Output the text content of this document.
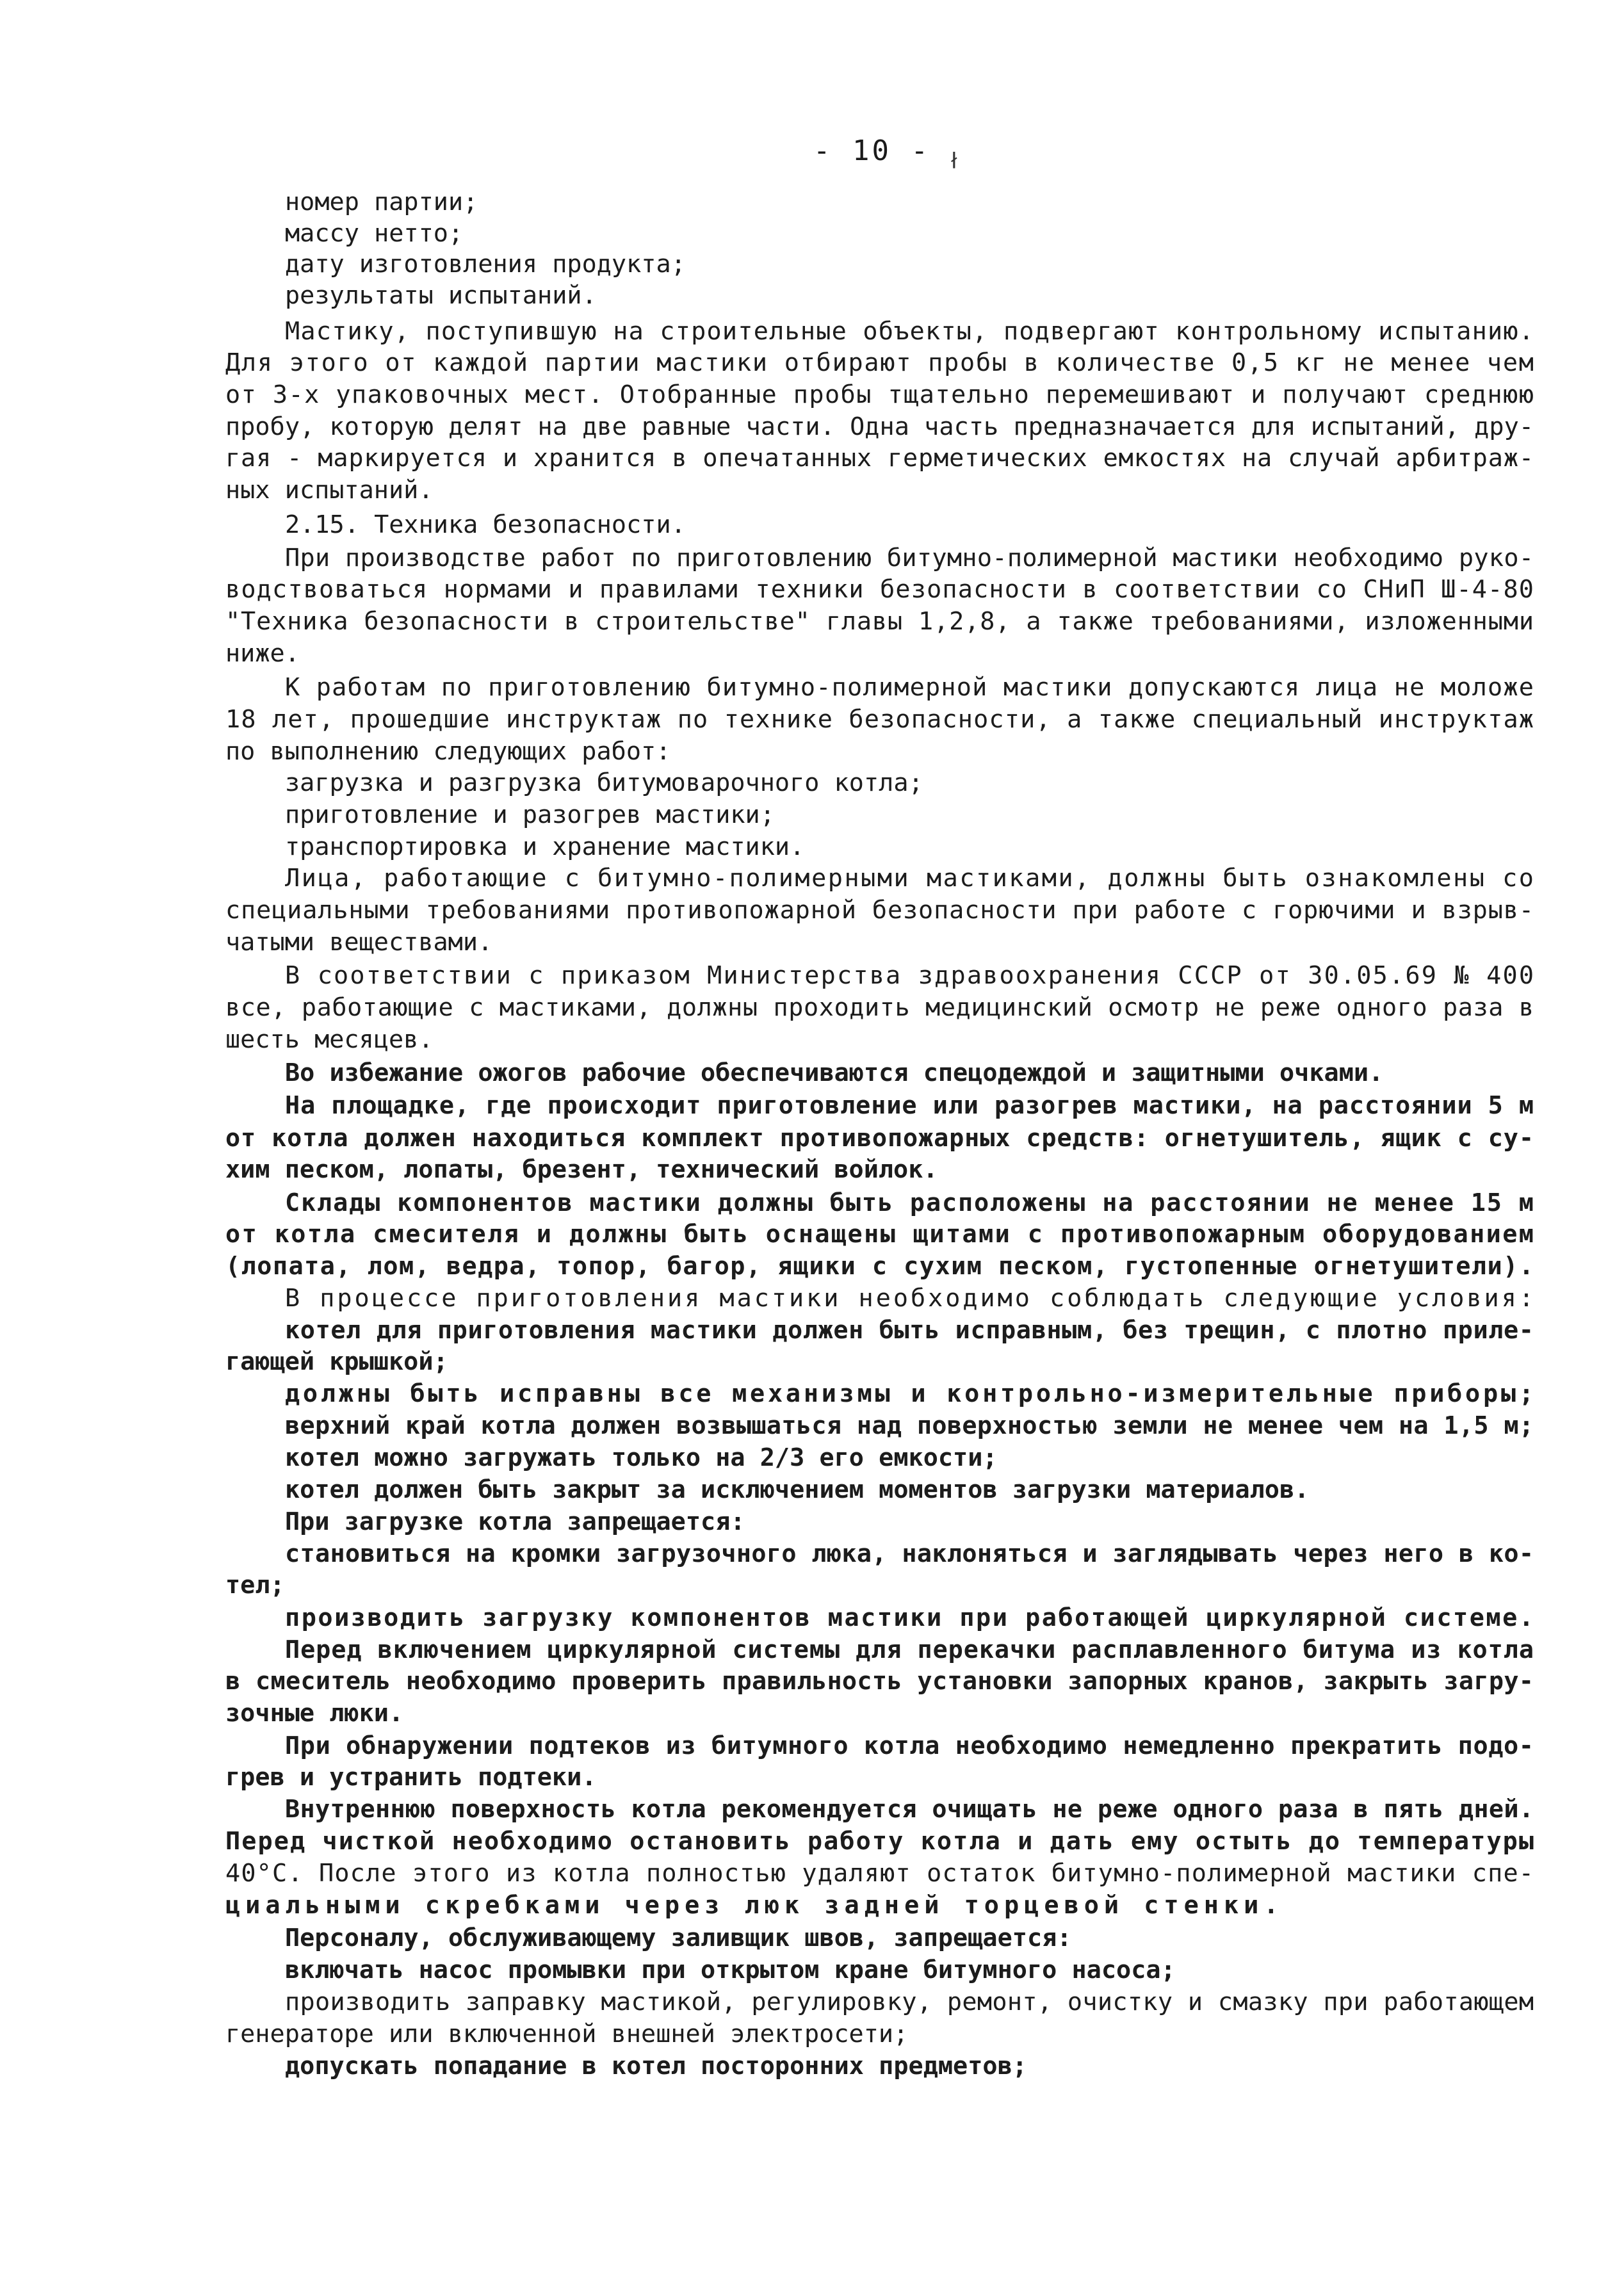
- 10 - ł

номер партии;

массу нетто;

дату изготовления продукта;

результаты испытаний.

Мастику, поступившую на строительные объекты, подвергают контрольному испытанию.

Для этого от каждой партии мастики отбирают пробы в количестве 0,5 кг не менее чем

от 3-х упаковочных мест. Отобранные пробы тщательно перемешивают и получают среднюю

пробу, которую делят на две равные части. Одна часть предназначается для испытаний, дру-

гая - маркируется и хранится в опечатанных герметических емкостях на случай арбитраж-

ных испытаний.

2.15. Техника безопасности.

При производстве работ по приготовлению битумно-полимерной мастики необходимо руко-

водствоваться нормами и правилами техники безопасности в соответствии со СНиП Ш-4-80

"Техника безопасности в строительстве" главы 1,2,8, а также требованиями, изложенными

ниже.

К работам по приготовлению битумно-полимерной мастики допускаются лица не моложе

18 лет, прошедшие инструктаж по технике безопасности, а также специальный инструктаж

по выполнению следующих работ:

загрузка и разгрузка битумоварочного котла;

приготовление и разогрев мастики;

транспортировка и хранение мастики.

Лица, работающие с битумно-полимерными мастиками, должны быть ознакомлены со

специальными требованиями противопожарной безопасности при работе с горючими и взрыв-

чатыми веществами.

В соответствии с приказом Министерства здравоохранения СССР от 30.05.69 № 400

все, работающие с мастиками, должны проходить медицинский осмотр не реже одного раза в

шесть месяцев.

Во избежание ожогов рабочие обеспечиваются спецодеждой и защитными очками.

На площадке, где происходит приготовление или разогрев мастики, на расстоянии 5 м

от котла должен находиться комплект противопожарных средств: огнетушитель, ящик с су-

хим песком, лопаты, брезент, технический войлок.

Склады компонентов мастики должны быть расположены на расстоянии не менее 15 м

от котла смесителя и должны быть оснащены щитами с противопожарным оборудованием

(лопата, лом, ведра, топор, багор, ящики с сухим песком, густопенные огнетушители).

В процессе приготовления мастики необходимо соблюдать следующие условия:

котел для приготовления мастики должен быть исправным, без трещин, с плотно приле-

гающей крышкой;

должны быть исправны все механизмы и контрольно-измерительные приборы;

верхний край котла должен возвышаться над поверхностью земли не менее чем на 1,5 м;

котел можно загружать только на 2/3 его емкости;

котел должен быть закрыт за исключением моментов загрузки материалов.

При загрузке котла запрещается:

становиться на кромки загрузочного люка, наклоняться и заглядывать через него в ко-

тел;

производить загрузку компонентов мастики при работающей циркулярной системе.

Перед включением циркулярной системы для перекачки расплавленного битума из котла

в смеситель необходимо проверить правильность установки запорных кранов, закрыть загру-

зочные люки.

При обнаружении подтеков из битумного котла необходимо немедленно прекратить подо-

грев и устранить подтеки.

Внутреннюю поверхность котла рекомендуется очищать не реже одного раза в пять дней.

Перед чисткой необходимо остановить работу котла и дать ему остыть до температуры

40°С. После этого из котла полностью удаляют остаток битумно-полимерной мастики спе-

циальными скребками через люк задней торцевой стенки.

Персоналу, обслуживающему заливщик швов, запрещается:

включать насос промывки при открытом кране битумного насоса;

производить заправку мастикой, регулировку, ремонт, очистку и смазку при работающем

генераторе или включенной внешней электросети;

допускать попадание в котел посторонних предметов;
